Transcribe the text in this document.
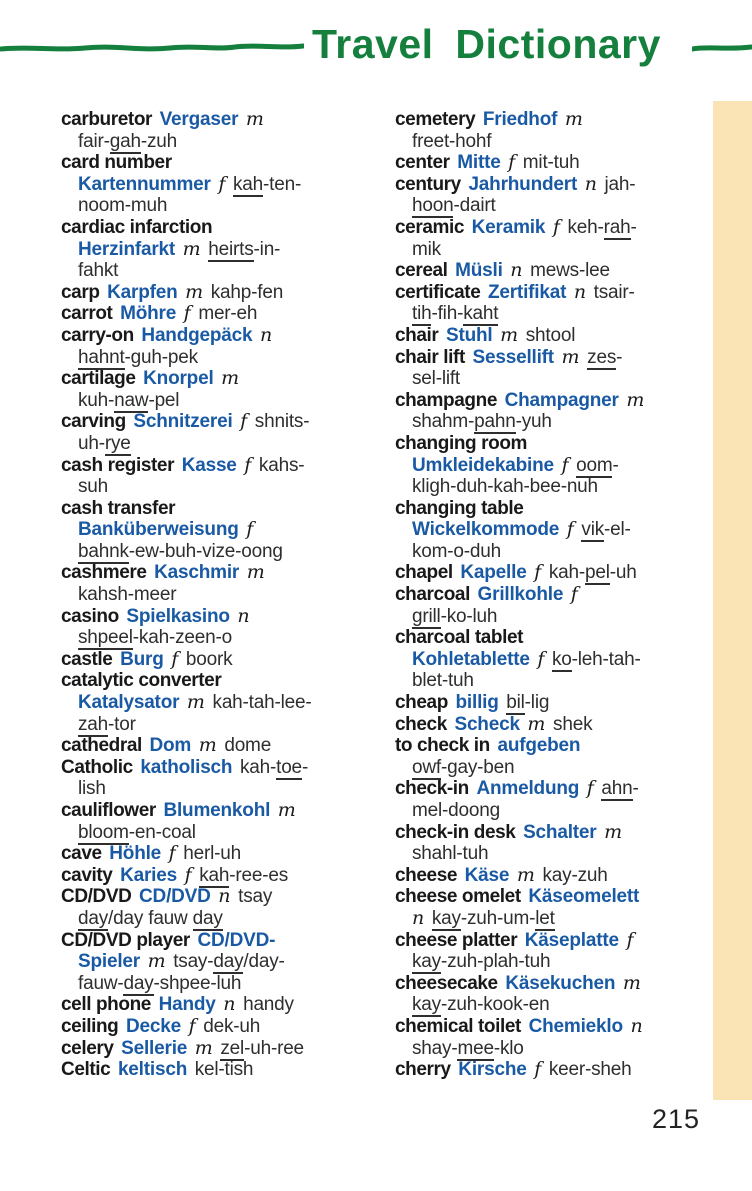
Travel Dictionary
carburetor Vergaser m
fair-gah-zuh
card number
Kartennummer f kah-ten-
noom-muh
cardiac infarction
Herzinfarkt m heirts-in-
fahkt
carp Karpfen m kahp-fen
carrot Möhre f mer-eh
carry-on Handgepäck n
hahnt-guh-pek
cartilage Knorpel m
kuh-naw-pel
carving Schnitzerei f shnits-
uh-rye
cash register Kasse f kahs-
suh
cash transfer
Banküberweisung f
bahnk-ew-buh-vize-oong
cashmere Kaschmir m
kahsh-meer
casino Spielkasino n
shpeel-kah-zeen-o
castle Burg f boork
catalytic converter
Katalysator m kah-tah-lee-
zah-tor
cathedral Dom m dome
Catholic katholisch kah-toe-
lish
cauliflower Blumenkohl m
bloom-en-coal
cave Höhle f herl-uh
cavity Karies f kah-ree-es
CD/DVD CD/DVD n tsay
day/day fauw day
CD/DVD player CD/DVD-
Spieler m tsay-day/day-
fauw-day-shpee-luh
cell phone Handy n handy
ceiling Decke f dek-uh
celery Sellerie m zel-uh-ree
Celtic keltisch kel-tish
cemetery Friedhof m
freet-hohf
center Mitte f mit-tuh
century Jahrhundert n jah-
hoon-dairt
ceramic Keramik f keh-rah-
mik
cereal Müsli n mews-lee
certificate Zertifikat n tsair-
tih-fih-kaht
chair Stuhl m shtool
chair lift Sessellift m zes-
sel-lift
champagne Champagner m
shahm-pahn-yuh
changing room
Umkleidekabine f oom-
kligh-duh-kah-bee-nuh
changing table
Wickelkommode f vik-el-
kom-o-duh
chapel Kapelle f kah-pel-uh
charcoal Grillkohle f
grill-ko-luh
charcoal tablet
Kohletablette f ko-leh-tah-
blet-tuh
cheap billig bil-lig
check Scheck m shek
to check in aufgeben
owf-gay-ben
check-in Anmeldung f ahn-
mel-doong
check-in desk Schalter m
shahl-tuh
cheese Käse m kay-zuh
cheese omelet Käseomelett
n kay-zuh-um-let
cheese platter Käseplatte f
kay-zuh-plah-tuh
cheesecake Käsekuchen m
kay-zuh-kook-en
chemical toilet Chemieklo n
shay-mee-klo
cherry Kirsche f keer-sheh
215
